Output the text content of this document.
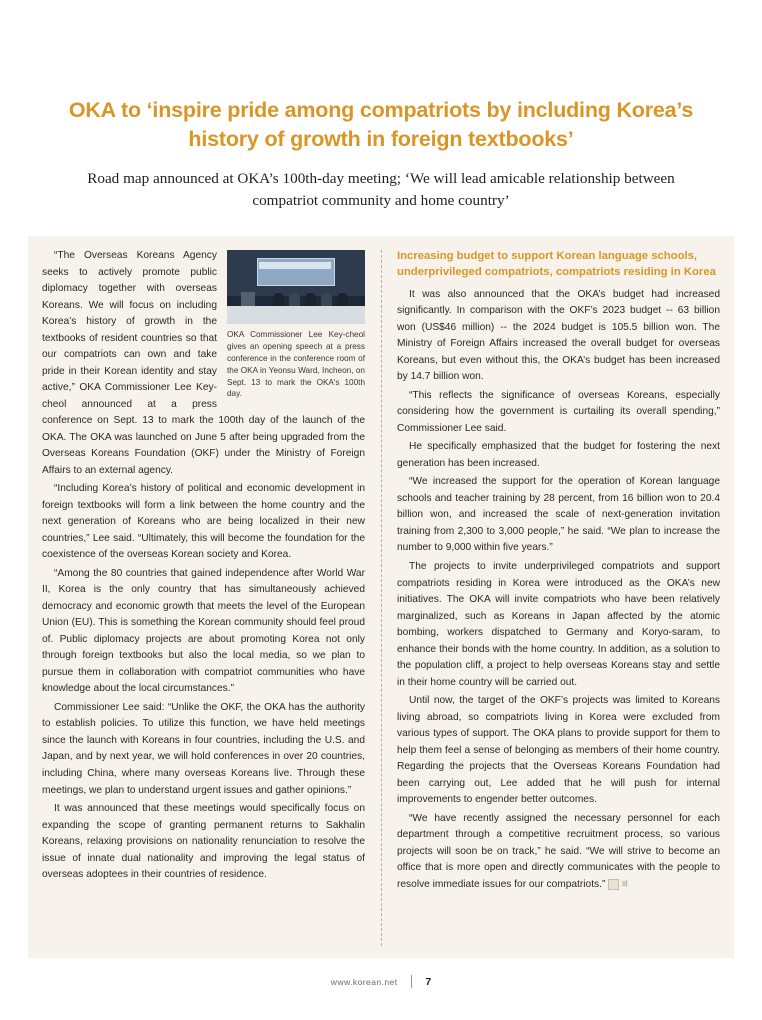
OKA to ‘inspire pride among compatriots by including Korea’s history of growth in foreign textbooks’
Road map announced at OKA’s 100th-day meeting; ‘We will lead amicable relationship between compatriot community and home country’
OKA Commissioner Lee Key-cheol gives an opening speech at a press conference in the conference room of the OKA in Yeonsu Ward, Incheon, on Sept. 13 to mark the OKA's 100th day.

“The Overseas Koreans Agency seeks to actively promote public diplomacy together with overseas Koreans. We will focus on including Korea’s history of growth in the textbooks of resident countries so that our compatriots can own and take pride in their Korean identity and stay active,” OKA Commissioner Lee Key-cheol announced at a press conference on Sept. 13 to mark the 100th day of the launch of the OKA. The OKA was launched on June 5 after being upgraded from the Overseas Koreans Foundation (OKF) under the Ministry of Foreign Affairs to an external agency.

“Including Korea’s history of political and economic development in foreign textbooks will form a link between the home country and the next generation of Koreans who are being localized in their new countries,” Lee said. “Ultimately, this will become the foundation for the coexistence of the overseas Korean society and Korea.

“Among the 80 countries that gained independence after World War II, Korea is the only country that has simultaneously achieved democracy and economic growth that meets the level of the European Union (EU). This is something the Korean community should feel proud of. Public diplomacy projects are about promoting Korea not only through foreign textbooks but also the local media, so we plan to pursue them in collaboration with compatriot communities who have knowledge about the local circumstances.”

Commissioner Lee said: “Unlike the OKF, the OKA has the authority to establish policies. To utilize this function, we have held meetings since the launch with Koreans in four countries, including the U.S. and Japan, and by next year, we will hold conferences in over 20 countries, including China, where many overseas Koreans live. Through these meetings, we plan to understand urgent issues and gather opinions.”

It was announced that these meetings would specifically focus on expanding the scope of granting permanent returns to Sakhalin Koreans, relaxing provisions on nationality renunciation to resolve the issue of innate dual nationality and improving the legal status of overseas adoptees in their countries of residence.

Increasing budget to support Korean language schools, underprivileged compatriots, compatriots residing in Korea

It was also announced that the OKA’s budget had increased significantly. In comparison with the OKF’s 2023 budget -- 63 billion won (US$46 million) -- the 2024 budget is 105.5 billion won. The Ministry of Foreign Affairs increased the overall budget for overseas Koreans, but even without this, the OKA’s budget has been increased by 14.7 billion won.

“This reflects the significance of overseas Koreans, especially considering how the government is curtailing its overall spending,” Commissioner Lee said.

He specifically emphasized that the budget for fostering the next generation has been increased.

“We increased the support for the operation of Korean language schools and teacher training by 28 percent, from 16 billion won to 20.4 billion won, and increased the scale of next-generation invitation training from 2,300 to 3,000 people,” he said. “We plan to increase the number to 9,000 within five years.”

The projects to invite underprivileged compatriots and support compatriots residing in Korea were introduced as the OKA’s new initiatives. The OKA will invite compatriots who have been relatively marginalized, such as Koreans in Japan affected by the atomic bombing, workers dispatched to Germany and Koryo-saram, to enhance their bonds with the home country. In addition, as a solution to the population cliff, a project to help overseas Koreans stay and settle in their home country will be carried out.

Until now, the target of the OKF’s projects was limited to Koreans living abroad, so compatriots living in Korea were excluded from various types of support. The OKA plans to provide support for them to help them feel a sense of belonging as members of their home country. Regarding the projects that the Overseas Koreans Foundation had been carrying out, Lee added that he will push for internal improvements to engender better outcomes.

“We have recently assigned the necessary personnel for each department through a competitive recruitment process, so various projects will soon be on track,” he said. “We will strive to become an office that is more open and directly communicates with the people to resolve immediate issues for our compatriots.” 외

www.korean.net	7
